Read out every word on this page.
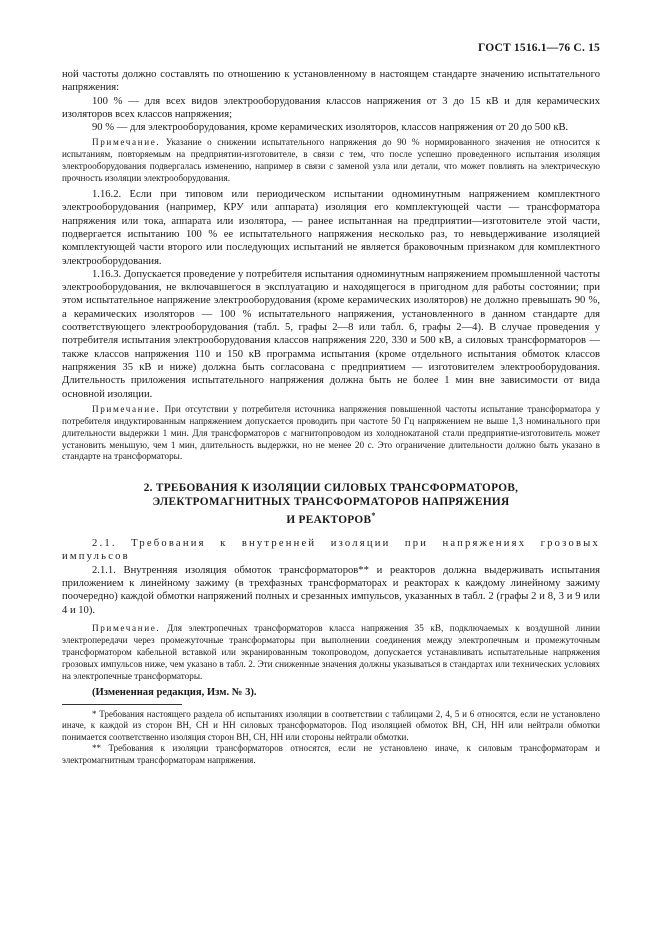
ГОСТ 1516.1—76 С. 15

ной частоты должно составлять по отношению к установленному в настоящем стандарте значению испытательного напряжения:

100 % — для всех видов электрооборудования классов напряжения от 3 до 15 кВ и для керамических изоляторов всех классов напряжения;

90 % — для электрооборудования, кроме керамических изоляторов, классов напряжения от 20 до 500 кВ.

Примечание. Указание о снижении испытательного напряжения до 90 % нормированного значения не относится к испытаниям, повторяемым на предприятии-изготовителе, в связи с тем, что после успешно проведенного испытания изоляция электрооборудования подвергалась изменению, например в связи с заменой узла или детали, что может повлиять на электрическую прочность изоляции электрооборудования.

1.16.2. Если при типовом или периодическом испытании одноминутным напряжением комплектного электрооборудования (например, КРУ или аппарата) изоляция его комплектующей части — трансформатора напряжения или тока, аппарата или изолятора, — ранее испытанная на предприятии—изготовителе этой части, подвергается испытанию 100 % ее испытательного напряжения несколько раз, то невыдерживание изоляцией комплектующей части второго или последующих испытаний не является браковочным признаком для комплектного электрооборудования.

1.16.3. Допускается проведение у потребителя испытания одноминутным напряжением промышленной частоты электрооборудования, не включавшегося в эксплуатацию и находящегося в пригодном для работы состоянии; при этом испытательное напряжение электрооборудования (кроме керамических изоляторов) не должно превышать 90 %, а керамических изоляторов — 100 % испытательного напряжения, установленного в данном стандарте для соответствующего электрооборудования (табл. 5, графы 2—8 или табл. 6, графы 2—4). В случае проведения у потребителя испытания электрооборудования классов напряжения 220, 330 и 500 кВ, а силовых трансформаторов — также классов напряжения 110 и 150 кВ программа испытания (кроме отдельного испытания обмоток классов напряжения 35 кВ и ниже) должна быть согласована с предприятием — изготовителем электрооборудования. Длительность приложения испытательного напряжения должна быть не более 1 мин вне зависимости от вида основной изоляции.

Примечание. При отсутствии у потребителя источника напряжения повышенной частоты испытание трансформатора у потребителя индуктированным напряжением допускается проводить при частоте 50 Гц напряжением не выше 1,3 номинального при длительности выдержки 1 мин. Для трансформаторов с магнитопроводом из холоднокатаной стали предприятие-изготовитель может установить меньшую, чем 1 мин, длительность выдержки, но не менее 20 с. Это ограничение длительности должно быть указано в стандарте на трансформаторы.
2. ТРЕБОВАНИЯ К ИЗОЛЯЦИИ СИЛОВЫХ ТРАНСФОРМАТОРОВ,
ЭЛЕКТРОМАГНИТНЫХ ТРАНСФОРМАТОРОВ НАПРЯЖЕНИЯ
И РЕАКТОРОВ*

2.1. Требования к внутренней изоляции при напряжениях грозовых импульсов

2.1.1. Внутренняя изоляция обмоток трансформаторов** и реакторов должна выдерживать испытания приложением к линейному зажиму (в трехфазных трансформаторах и реакторах к каждому линейному зажиму поочередно) каждой обмотки напряжений полных и срезанных импульсов, указанных в табл. 2 (графы 2 и 8, 3 и 9 или 4 и 10).

Примечание. Для электропечных трансформаторов класса напряжения 35 кВ, подключаемых к воздушной линии электропередачи через промежуточные трансформаторы при выполнении соединения между электропечным и промежуточным трансформатором кабельной вставкой или экранированным токопроводом, допускается устанавливать испытательные напряжения грозовых импульсов ниже, чем указано в табл. 2. Эти сниженные значения должны указываться в стандартах или технических условиях на электропечные трансформаторы.
(Измененная редакция, Изм. № 3).
* Требования настоящего раздела об испытаниях изоляции в соответствии с таблицами 2, 4, 5 и 6 относятся, если не установлено иначе, к каждой из сторон ВН, СН и НН силовых трансформаторов. Под изоляцией обмоток ВН, СН, НН или нейтрали обмотки понимается соответственно изоляция сторон ВН, СН, НН или стороны нейтрали обмотки.
** Требования к изоляции трансформаторов относятся, если не установлено иначе, к силовым трансформаторам и электромагнитным трансформаторам напряжения.
